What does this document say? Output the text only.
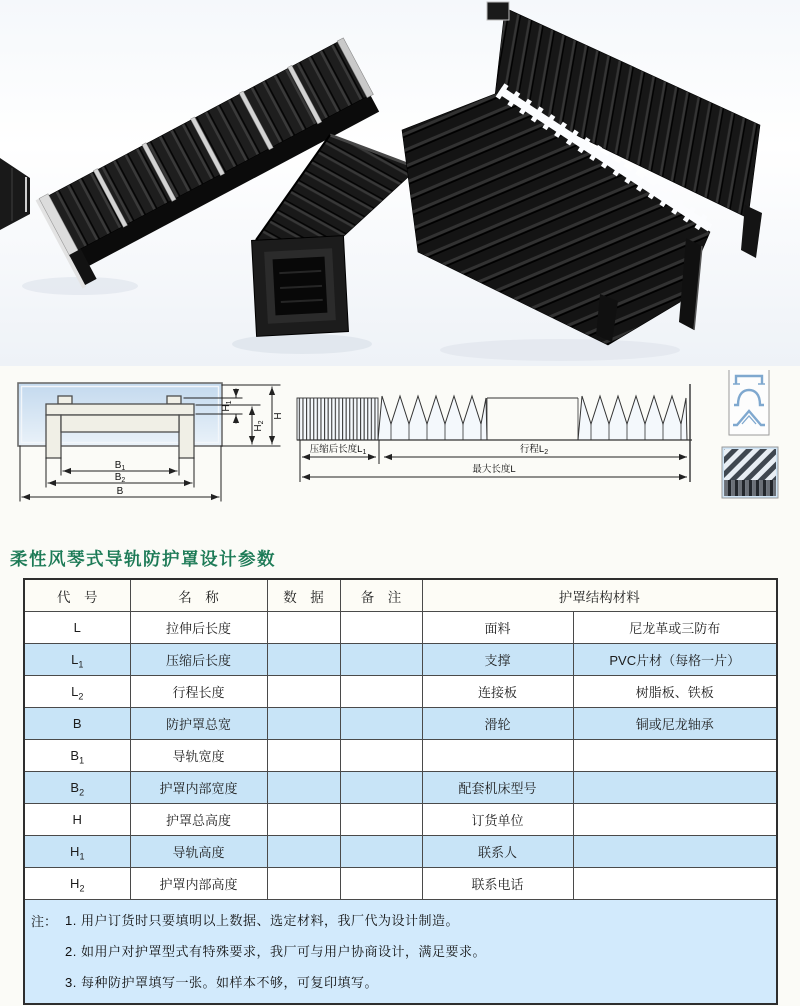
$B_1$
$B_2$
B
H
$H_2$
$H_1$
压缩后长度$L_1$	行程$L_2$
最大长度L
柔性风琴式导轨防护罩设计参数
代　号	名　称	数　据	备　注	护罩结构材料	
L	拉伸后长度			面料	尼龙革或三防布
$L_1$	压缩后长度			支撑	PVC片材（每格一片）
$L_2$	行程长度			连接板	树脂板、铁板
B	防护罩总宽			滑轮	铜或尼龙轴承
$B_1$	导轨宽度				
$B_2$	护罩内部宽度			配套机床型号	
H	护罩总高度			订货单位	
$H_1$	导轨高度			联系人	
$H_2$	护罩内部高度			联系电话	

注： 1. 用户订货时只要填明以上数据、选定材料，我厂代为设计制造。
2. 如用户对护罩型式有特殊要求，我厂可与用户协商设计，满足要求。
3. 每种防护罩填写一张。如样本不够，可复印填写。					
